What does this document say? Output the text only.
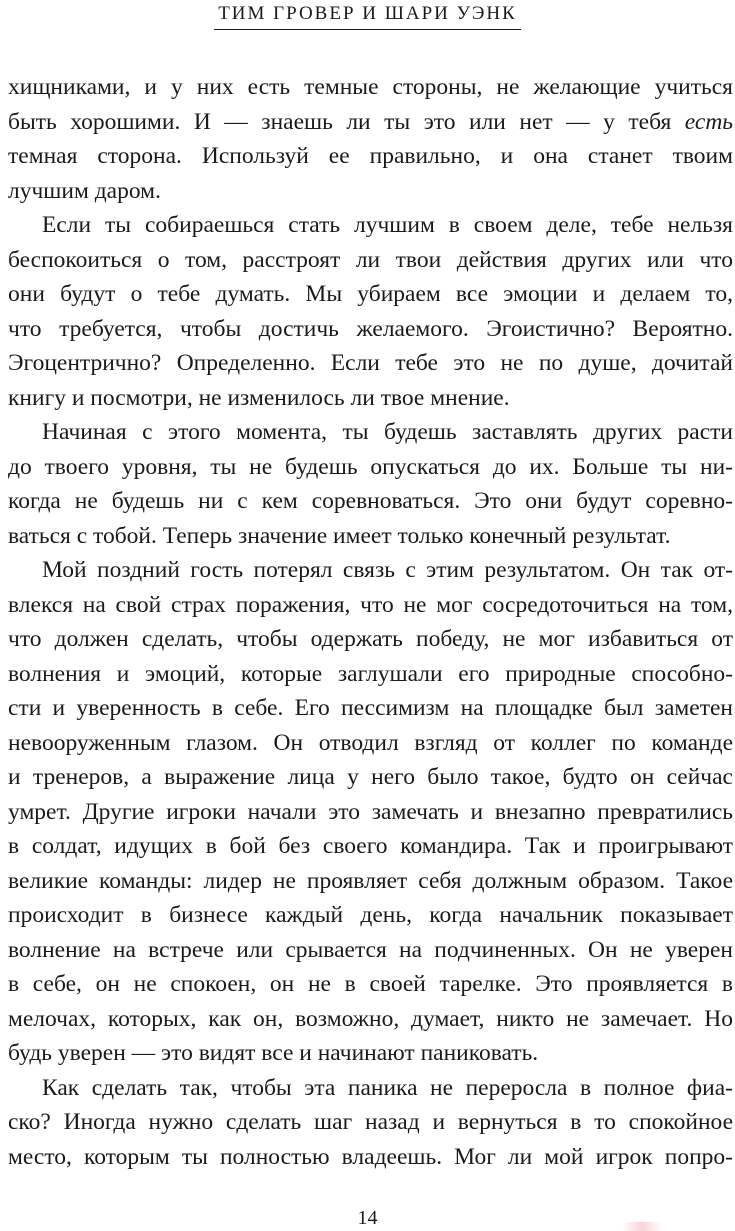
ТИМ ГРОВЕР И ШАРИ УЭНК
хищниками, и у них есть темные стороны, не желающие учиться
быть хорошими. И — знаешь ли ты это или нет — у тебя есть
темная сторона. Используй ее правильно, и она станет твоим
лучшим даром.
Если ты собираешься стать лучшим в своем деле, тебе нельзя
беспокоиться о том, расстроят ли твои действия других или что
они будут о тебе думать. Мы убираем все эмоции и делаем то,
что требуется, чтобы достичь желаемого. Эгоистично? Вероятно.
Эгоцентрично? Определенно. Если тебе это не по душе, дочитай
книгу и посмотри, не изменилось ли твое мнение.
Начиная с этого момента, ты будешь заставлять других расти
до твоего уровня, ты не будешь опускаться до их. Больше ты ни-
когда не будешь ни с кем соревноваться. Это они будут соревно-
ваться с тобой. Теперь значение имеет только конечный результат.
Мой поздний гость потерял связь с этим результатом. Он так от-
влекся на свой страх поражения, что не мог сосредоточиться на том,
что должен сделать, чтобы одержать победу, не мог избавиться от
волнения и эмоций, которые заглушали его природные способно-
сти и уверенность в себе. Его пессимизм на площадке был заметен
невооруженным глазом. Он отводил взгляд от коллег по команде
и тренеров, а выражение лица у него было такое, будто он сейчас
умрет. Другие игроки начали это замечать и внезапно превратились
в солдат, идущих в бой без своего командира. Так и проигрывают
великие команды: лидер не проявляет себя должным образом. Такое
происходит в бизнесе каждый день, когда начальник показывает
волнение на встрече или срывается на подчиненных. Он не уверен
в себе, он не спокоен, он не в своей тарелке. Это проявляется в
мелочах, которых, как он, возможно, думает, никто не замечает. Но
будь уверен — это видят все и начинают паниковать.
Как сделать так, чтобы эта паника не переросла в полное фиа-
ско? Иногда нужно сделать шаг назад и вернуться в то спокойное
место, которым ты полностью владеешь. Мог ли мой игрок попро-
14
